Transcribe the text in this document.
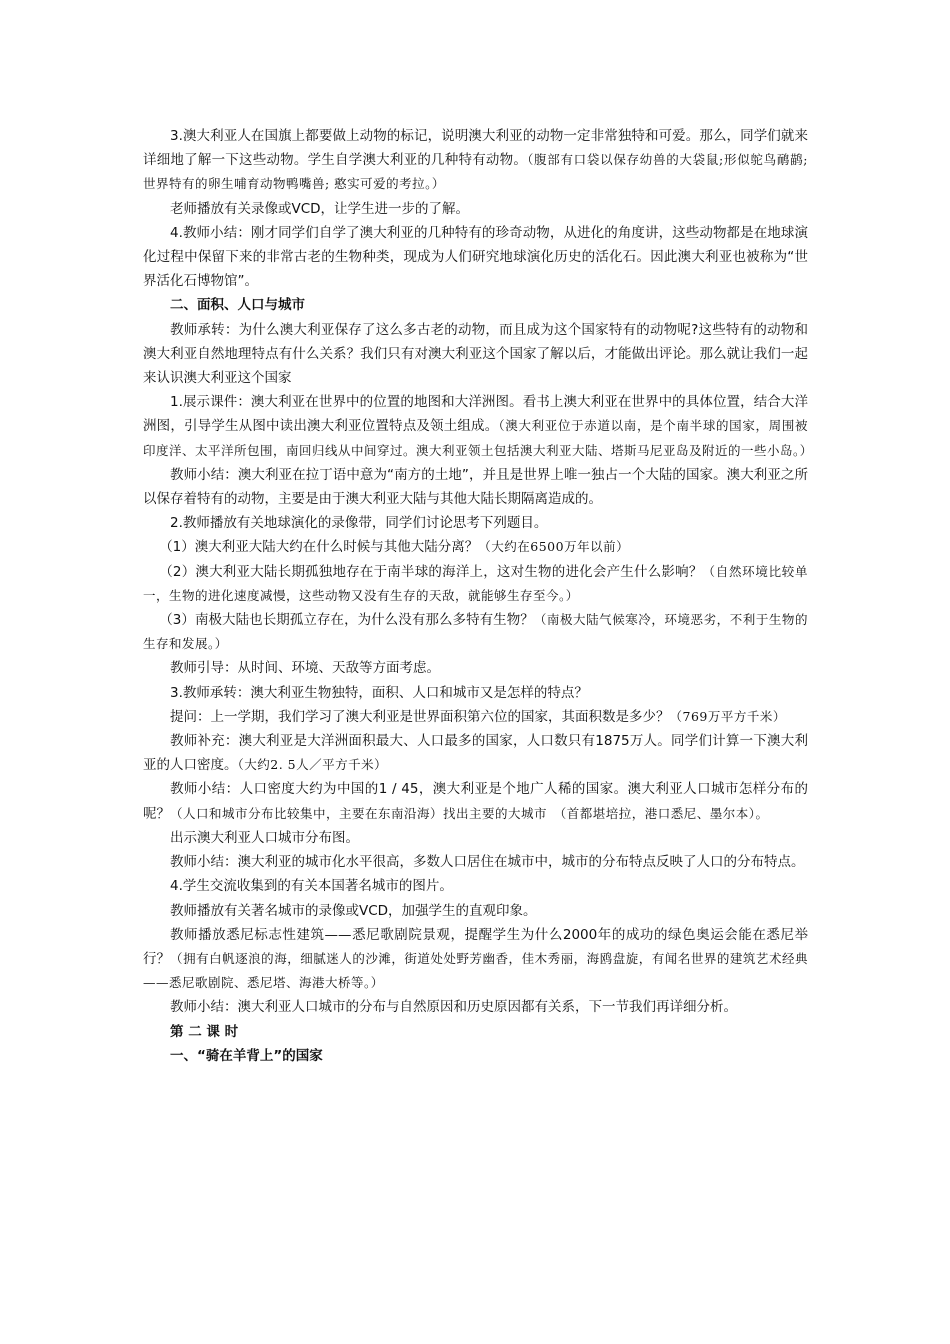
3.澳大利亚人在国旗上都要做上动物的标记，说明澳大利亚的动物一定非常独特和可爱。那么，同学们就来详细地了解一下这些动物。学生自学澳大利亚的几种特有动物。（腹部有口袋以保存幼兽的大袋鼠;形似鸵鸟鸸鹋; 世界特有的卵生哺育动物鸭嘴兽; 憨实可爱的考拉。）

老师播放有关录像或VCD，让学生进一步的了解。

4.教师小结：刚才同学们自学了澳大利亚的几种特有的珍奇动物，从进化的角度讲，这些动物都是在地球演化过程中保留下来的非常古老的生物种类，现成为人们研究地球演化历史的活化石。因此澳大利亚也被称为“世界活化石博物馆”。

二、面积、人口与城市

教师承转：为什么澳大利亚保存了这么多古老的动物，而且成为这个国家特有的动物呢?这些特有的动物和澳大利亚自然地理特点有什么关系？我们只有对澳大利亚这个国家了解以后，才能做出评论。那么就让我们一起来认识澳大利亚这个国家

1.展示课件：澳大利亚在世界中的位置的地图和大洋洲图。看书上澳大利亚在世界中的具体位置，结合大洋洲图，引导学生从图中读出澳大利亚位置特点及领土组成。（澳大利亚位于赤道以南，是个南半球的国家，周围被印度洋、太平洋所包围，南回归线从中间穿过。澳大利亚领土包括澳大利亚大陆、塔斯马尼亚岛及附近的一些小岛。）

教师小结：澳大利亚在拉丁语中意为“南方的土地”，并且是世界上唯一独占一个大陆的国家。澳大利亚之所以保存着特有的动物，主要是由于澳大利亚大陆与其他大陆长期隔离造成的。

2.教师播放有关地球演化的录像带，同学们讨论思考下列题目。

（1）澳大利亚大陆大约在什么时候与其他大陆分离？（大约在6500万年以前）

（2）澳大利亚大陆长期孤独地存在于南半球的海洋上，这对生物的进化会产生什么影响？（自然环境比较单一，生物的进化速度减慢，这些动物又没有生存的天敌，就能够生存至今。）

（3）南极大陆也长期孤立存在，为什么没有那么多特有生物？（南极大陆气候寒冷，环境恶劣，不利于生物的生存和发展。）

教师引导：从时间、环境、天敌等方面考虑。

3.教师承转：澳大利亚生物独特，面积、人口和城市又是怎样的特点？

提问：上一学期，我们学习了澳大利亚是世界面积第六位的国家，其面积数是多少？（769万平方千米）

教师补充：澳大利亚是大洋洲面积最大、人口最多的国家，人口数只有1875万人。同学们计算一下澳大利亚的人口密度。（大约2. 5人／平方千米）

教师小结：人口密度大约为中国的1 / 45，澳大利亚是个地广人稀的国家。澳大利亚人口城市怎样分布的呢？（人口和城市分布比较集中，主要在东南沿海）找出主要的大城市　（首都堪培拉，港口悉尼、墨尔本）。

出示澳大利亚人口城市分布图。

教师小结：澳大利亚的城市化水平很高，多数人口居住在城市中，城市的分布特点反映了人口的分布特点。

4.学生交流收集到的有关本国著名城市的图片。

教师播放有关著名城市的录像或VCD，加强学生的直观印象。

教师播放悉尼标志性建筑——悉尼歌剧院景观，提醒学生为什么2000年的成功的绿色奥运会能在悉尼举行？（拥有白帆逐浪的海，细腻迷人的沙滩，街道处处野芳幽香，佳木秀丽，海鸥盘旋，有闻名世界的建筑艺术经典——悉尼歌剧院、悉尼塔、海港大桥等。）

教师小结：澳大利亚人口城市的分布与自然原因和历史原因都有关系，下一节我们再详细分析。

第 二 课 时

一、“骑在羊背上”的国家
